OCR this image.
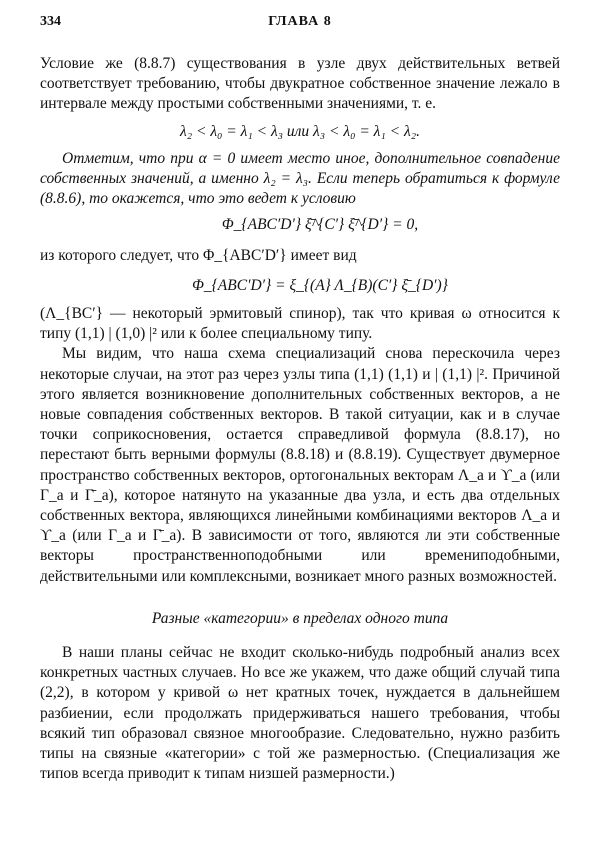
334	ГЛАВА 8

Условие же (8.8.7) существования в узле двух действительных ветвей соответствует требованию, чтобы двукратное собственное значение лежало в интервале между простыми собственными значениями, т. е.

λ₂ < λ₀ = λ₁ < λ₃ или λ₃ < λ₀ = λ₁ < λ₂.

Отметим, что при α = 0 имеет место иное, дополнительное совпадение собственных значений, а именно λ₂ = λ₃. Если теперь обратиться к формуле (8.8.6), то окажется, что это ведет к условию

Φ_{ABC′D′} ξ̄^{C′} ξ̄^{D′} = 0,

из которого следует, что Φ_{ABC′D′} имеет вид

Φ_{ABC′D′} = ξ_{(A} Λ_{B)(C′} ξ̄_{D′)}

(Λ_{BC′} — некоторый эрмитовый спинор), так что кривая ω относится к типу (1,1) | (1,0) |² или к более специальному типу.

Мы видим, что наша схема специализаций снова перескочила через некоторые случаи, на этот раз через узлы типа (1,1) (1,1) и | (1,1) |². Причиной этого является возникновение дополнительных собственных векторов, а не новые совпадения собственных векторов. В такой ситуации, как и в случае точки соприкосновения, остается справедливой формула (8.8.17), но перестают быть верными формулы (8.8.18) и (8.8.19). Существует двумерное пространство собственных векторов, ортогональных векторам Λ_a и ϒ_a (или Γ_a и Γ̄_a), которое натянуто на указанные два узла, и есть два отдельных собственных вектора, являющихся линейными комбинациями векторов Λ_a и ϒ_a (или Γ_a и Γ̄_a). В зависимости от того, являются ли эти собственные векторы пространственноподобными или времениподобными, действительными или комплексными, возникает много разных возможностей.

Разные «категории» в пределах одного типа

В наши планы сейчас не входит сколько-нибудь подробный анализ всех конкретных частных случаев. Но все же укажем, что даже общий случай типа (2,2), в котором у кривой ω нет кратных точек, нуждается в дальнейшем разбиении, если продолжать придерживаться нашего требования, чтобы всякий тип образовал связное многообразие. Следовательно, нужно разбить типы на связные «категории» с той же размерностью. (Специализация же типов всегда приводит к типам низшей размерности.)
